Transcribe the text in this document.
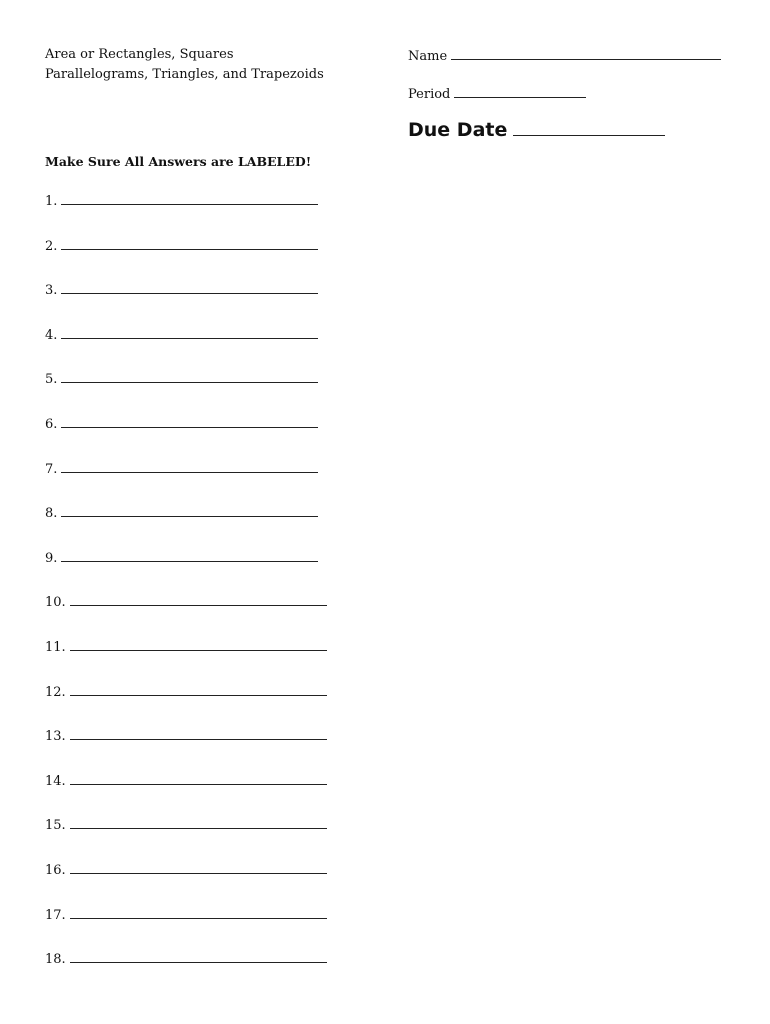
Area or Rectangles, Squares
Parallelograms, Triangles, and Trapezoids
Name
Period
Due Date
Make Sure All Answers are LABELED!
1.
2.
3.
4.
5.
6.
7.
8.
9.
10.
11.
12.
13.
14.
15.
16.
17.
18.
